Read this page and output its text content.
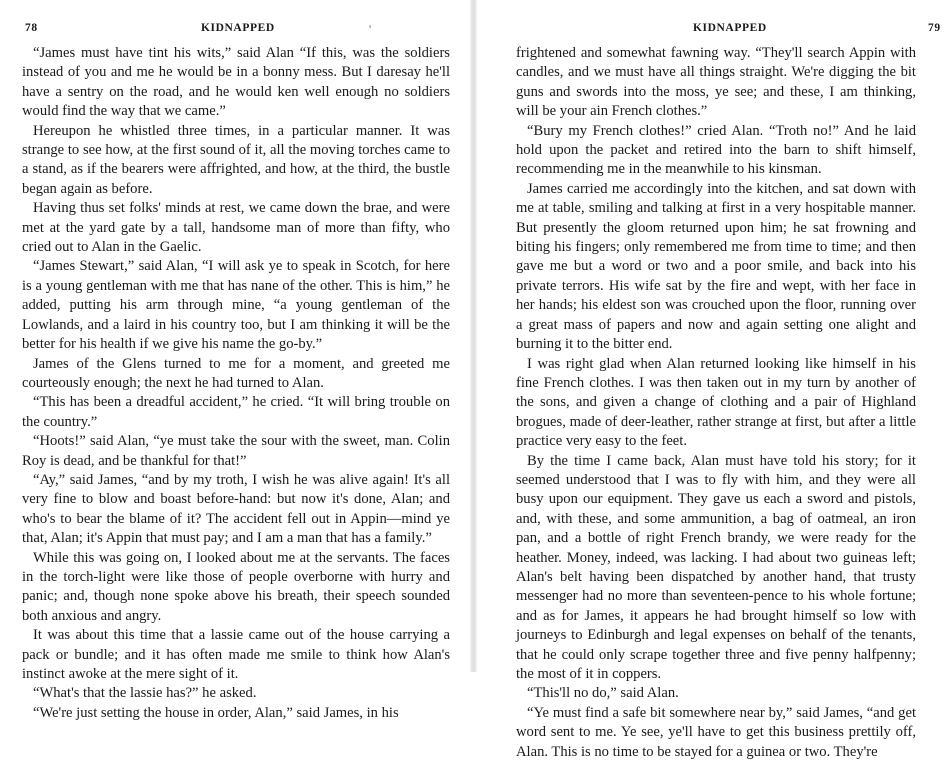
78	KIDNAPPED	'

“James must have tint his wits,” said Alan “If this, was the soldiers instead of you and me he would be in a bonny mess. But I daresay he'll have a sentry on the road, and he would ken well enough no soldiers would find the way that we came.”

Hereupon he whistled three times, in a particular manner. It was strange to see how, at the first sound of it, all the moving torches came to a stand, as if the bearers were affrighted, and how, at the third, the bustle began again as before.

Having thus set folks' minds at rest, we came down the brae, and were met at the yard gate by a tall, handsome man of more than fifty, who cried out to Alan in the Gaelic.

“James Stewart,” said Alan, “I will ask ye to speak in Scotch, for here is a young gentleman with me that has nane of the other. This is him,” he added, putting his arm through mine, “a young gentleman of the Lowlands, and a laird in his country too, but I am thinking it will be the better for his health if we give his name the go-by.”

James of the Glens turned to me for a moment, and greeted me courteously enough; the next he had turned to Alan.

“This has been a dreadful accident,” he cried. “It will bring trouble on the country.”

“Hoots!” said Alan, “ye must take the sour with the sweet, man. Colin Roy is dead, and be thankful for that!”

“Ay,” said James, “and by my troth, I wish he was alive again! It's all very fine to blow and boast before-hand: but now it's done, Alan; and who's to bear the blame of it? The accident fell out in Appin—mind ye that, Alan; it's Appin that must pay; and I am a man that has a family.”

While this was going on, I looked about me at the servants. The faces in the torch-light were like those of people overborne with hurry and panic; and, though none spoke above his breath, their speech sounded both anxious and angry.

It was about this time that a lassie came out of the house carrying a pack or bundle; and it has often made me smile to think how Alan's instinct awoke at the mere sight of it.

“What's that the lassie has?” he asked.

“We're just setting the house in order, Alan,” said James, in his

KIDNAPPED	79

frightened and somewhat fawning way. “They'll search Appin with candles, and we must have all things straight. We're digging the bit guns and swords into the moss, ye see; and these, I am thinking, will be your ain French clothes.”

“Bury my French clothes!” cried Alan. “Troth no!” And he laid hold upon the packet and retired into the barn to shift himself, recommending me in the meanwhile to his kinsman.

James carried me accordingly into the kitchen, and sat down with me at table, smiling and talking at first in a very hospitable manner. But presently the gloom returned upon him; he sat frowning and biting his fingers; only remembered me from time to time; and then gave me but a word or two and a poor smile, and back into his private terrors. His wife sat by the fire and wept, with her face in her hands; his eldest son was crouched upon the floor, running over a great mass of papers and now and again setting one alight and burning it to the bitter end.

I was right glad when Alan returned looking like himself in his fine French clothes. I was then taken out in my turn by another of the sons, and given a change of clothing and a pair of Highland brogues, made of deer-leather, rather strange at first, but after a little practice very easy to the feet.

By the time I came back, Alan must have told his story; for it seemed understood that I was to fly with him, and they were all busy upon our equipment. They gave us each a sword and pistols, and, with these, and some ammunition, a bag of oatmeal, an iron pan, and a bottle of right French brandy, we were ready for the heather. Money, indeed, was lacking. I had about two guineas left; Alan's belt having been dispatched by another hand, that trusty messenger had no more than seventeen-pence to his whole fortune; and as for James, it appears he had brought himself so low with journeys to Edinburgh and legal expenses on behalf of the tenants, that he could only scrape together three and five penny halfpenny; the most of it in coppers.

“This'll no do,” said Alan.

“Ye must find a safe bit somewhere near by,” said James, “and get word sent to me. Ye see, ye'll have to get this business prettily off, Alan. This is no time to be stayed for a guinea or two. They're
